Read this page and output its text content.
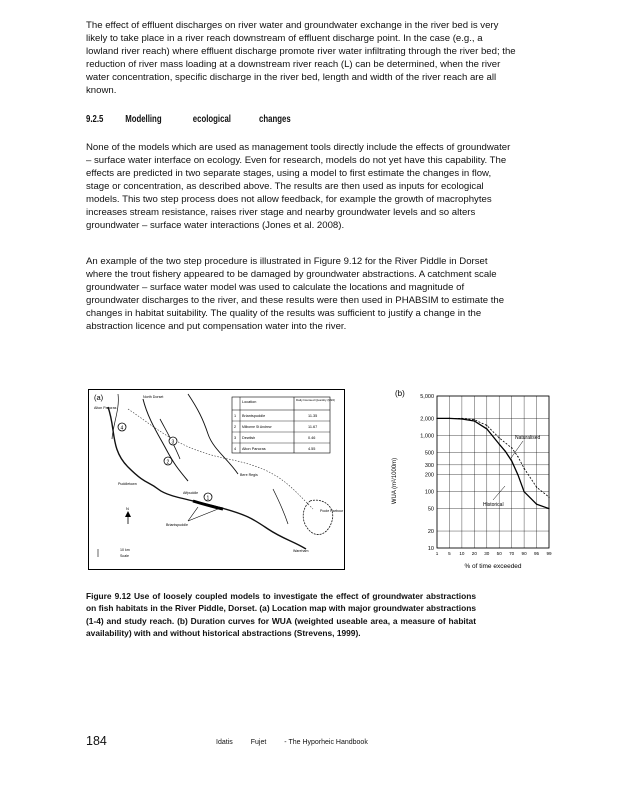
The effect of effluent discharges on river water and groundwater exchange in the river bed is very likely to take place in a river reach downstream of effluent discharge point. In the case (e.g., a lowland river reach) where effluent discharge promote river water infiltrating through the river bed; the reduction of river mass loading at a downstream river reach (L) can be determined, when the river water concentration, specific discharge in the river bed, length and width of the river reach are all known.

9.2.5 Modelling	ecological	changes

None of the models which are used as management tools directly include the effects of groundwater – surface water interface on ecology. Even for research, models do not yet have this capability. The effects are predicted in two separate stages, using a model to first estimate the changes in flow, stage or concentration, as described above. The results are then used as inputs for ecological models. This two step process does not allow feedback, for example the growth of macrophytes increases stream resistance, raises river stage and nearby groundwater levels and so alters groundwater – surface water interactions (Jones et al. 2008).

An example of the two step procedure is illustrated in Figure 9.12 for the River Piddle in Dorset where the trout fishery appeared to be damaged by groundwater abstractions. A catchment scale groundwater – surface water model was used to calculate the locations and magnitude of groundwater discharges to the river, and these results were then used in PHABSIM to estimate the changes in habitat suitability. The quality of the results was sufficient to justify a change in the abstraction licence and put compensation water into the river.

(a)	North Dorset
Alton Pancras
4
3
2
1
Puddletown
Bere Regis
Affpuddle
Briantspuddle
Wareham
Poole Harbour
Location	Daily licensed Quantity (Ml/d)
1 Briantspuddle	11.35
2 Milborne St Andrew	11.67
3 Dewlish	0.46
4 Alton Pancras	4.55
N
10 km
Scale
(b)
10
20
50
100
200
300
500
1,000
2,000
5,000
1 5 10 20 30 50 70 90 95 99
WUA (m²/1000m)
% of time exceeded
Naturalised
Historical
Figure 9.12 Use of loosely coupled models to investigate the effect of groundwater abstractions on fish habitats in the River Piddle, Dorset. (a) Location map with major groundwater abstractions (1-4) and study reach. (b) Duration curves for WUA (weighted useable area, a measure of habitat availability) with and without historical abstractions (Strevens, 1999).
184	Idatis	Fujet	- The Hyporheic Handbook
